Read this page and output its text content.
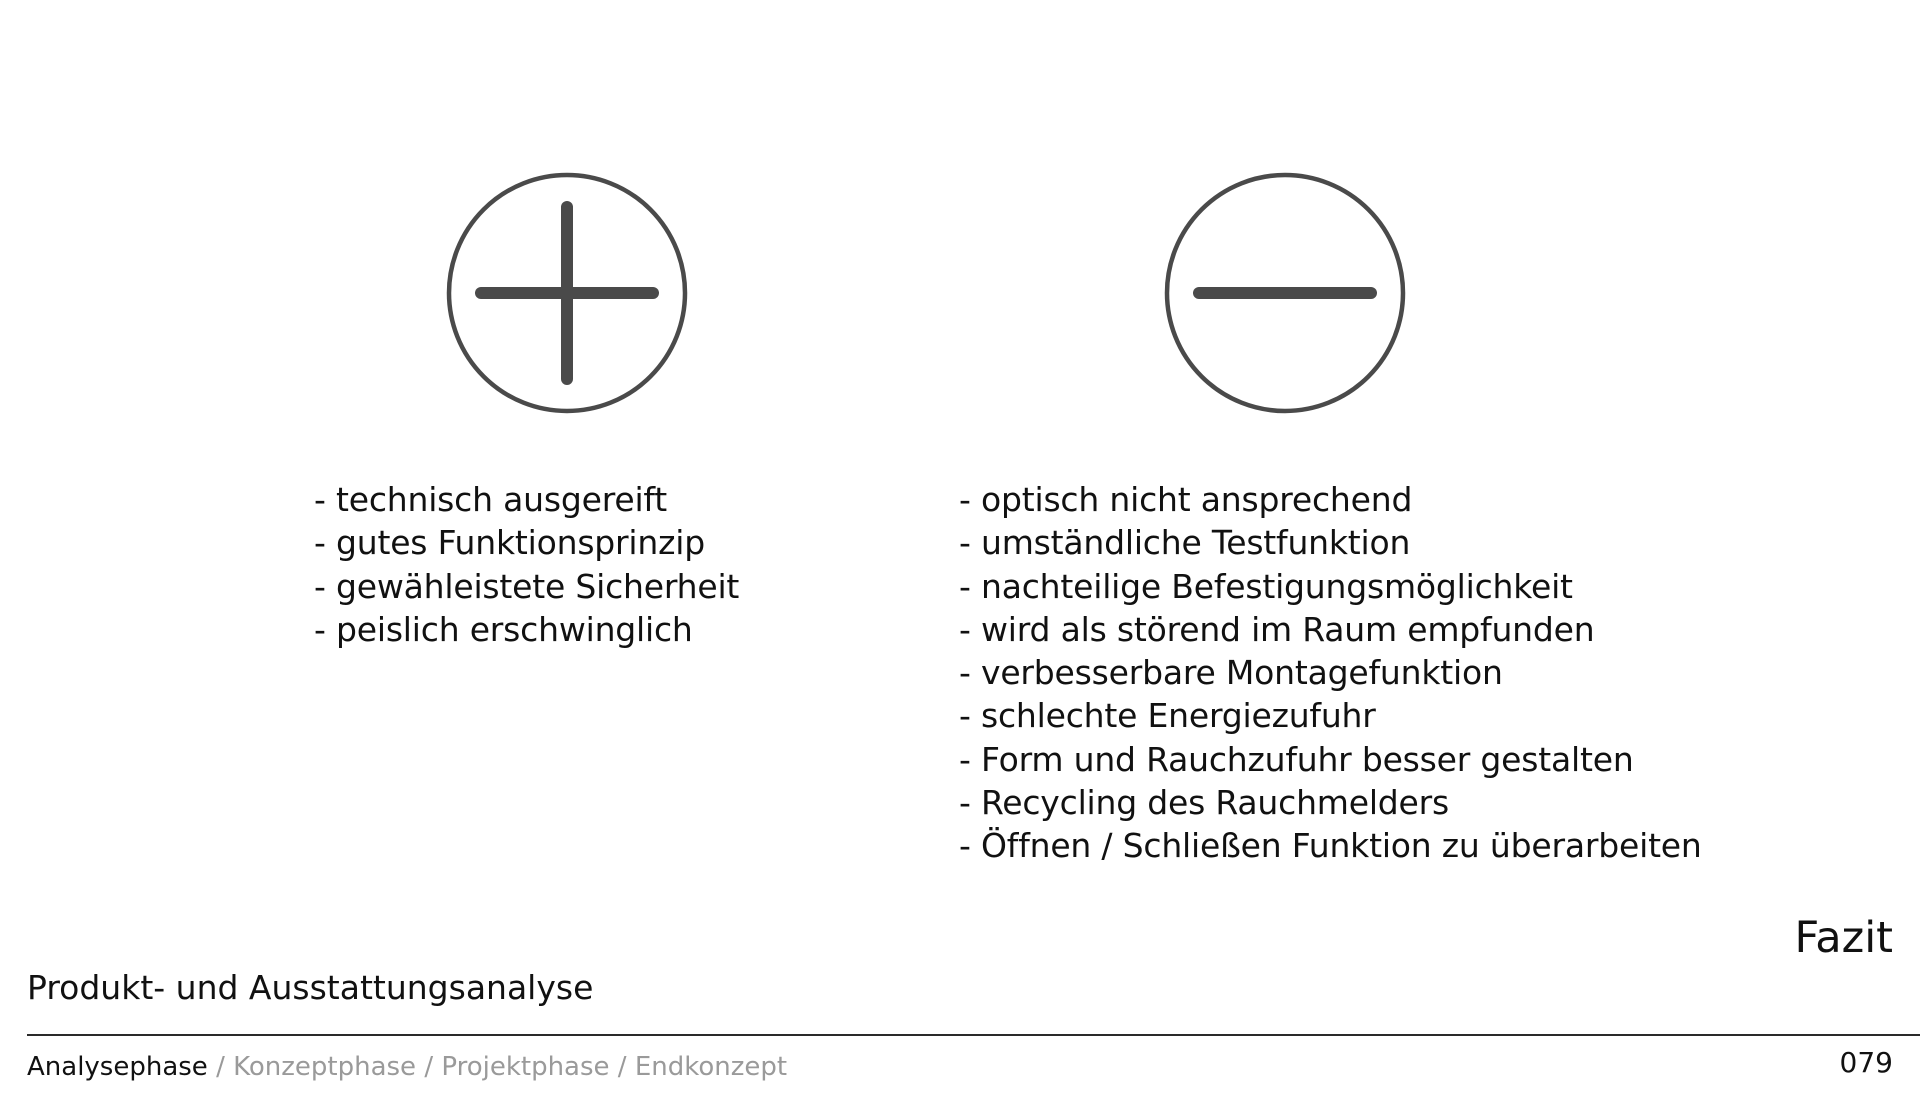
- technisch ausgereift
- gutes Funktionsprinzip
- gewähleistete Sicherheit
- peislich erschwinglich
- optisch nicht ansprechend
- umständliche Testfunktion
- nachteilige Befestigungsmöglichkeit
- wird als störend im Raum empfunden
- verbesserbare Montagefunktion
- schlechte Energiezufuhr
- Form und Rauchzufuhr besser gestalten
- Recycling des Rauchmelders
- Öffnen / Schließen Funktion zu überarbeiten
Fazit
Produkt- und Ausstattungsanalyse
Analysephase / Konzeptphase / Projektphase / Endkonzept	079
